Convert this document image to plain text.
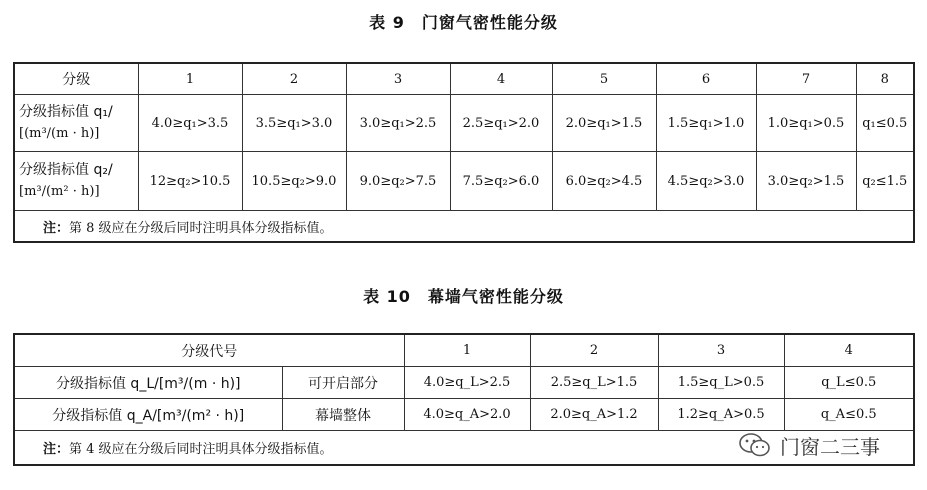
表 9　门窗气密性能分级
分级	1	2	3	4	5	6	7	8

分级指标值 q₁/
[(m³/(m · h)]	4.0≥q₁>3.5	3.5≥q₁>3.0	3.0≥q₁>2.5	2.5≥q₁>2.0	2.0≥q₁>1.5	1.5≥q₁>1.0	1.0≥q₁>0.5	q₁≤0.5

分级指标值 q₂/
[m³/(m² · h)]	12≥q₂>10.5	10.5≥q₂>9.0	9.0≥q₂>7.5	7.5≥q₂>6.0	6.0≥q₂>4.5	4.5≥q₂>3.0	3.0≥q₂>1.5	q₂≤1.5
注：第 8 级应在分级后同时注明具体分级指标值。								
表 10　幕墙气密性能分级
分级代号		1	2	3	4
分级指标值 q_L/[m³/(m · h)]	可开启部分	4.0≥q_L>2.5	2.5≥q_L>1.5	1.5≥q_L>0.5	q_L≤0.5
分级指标值 q_A/[m³/(m² · h)]	幕墙整体	4.0≥q_A>2.0	2.0≥q_A>1.2	1.2≥q_A>0.5	q_A≤0.5
注：第 4 级应在分级后同时注明具体分级指标值。						门窗二三事
